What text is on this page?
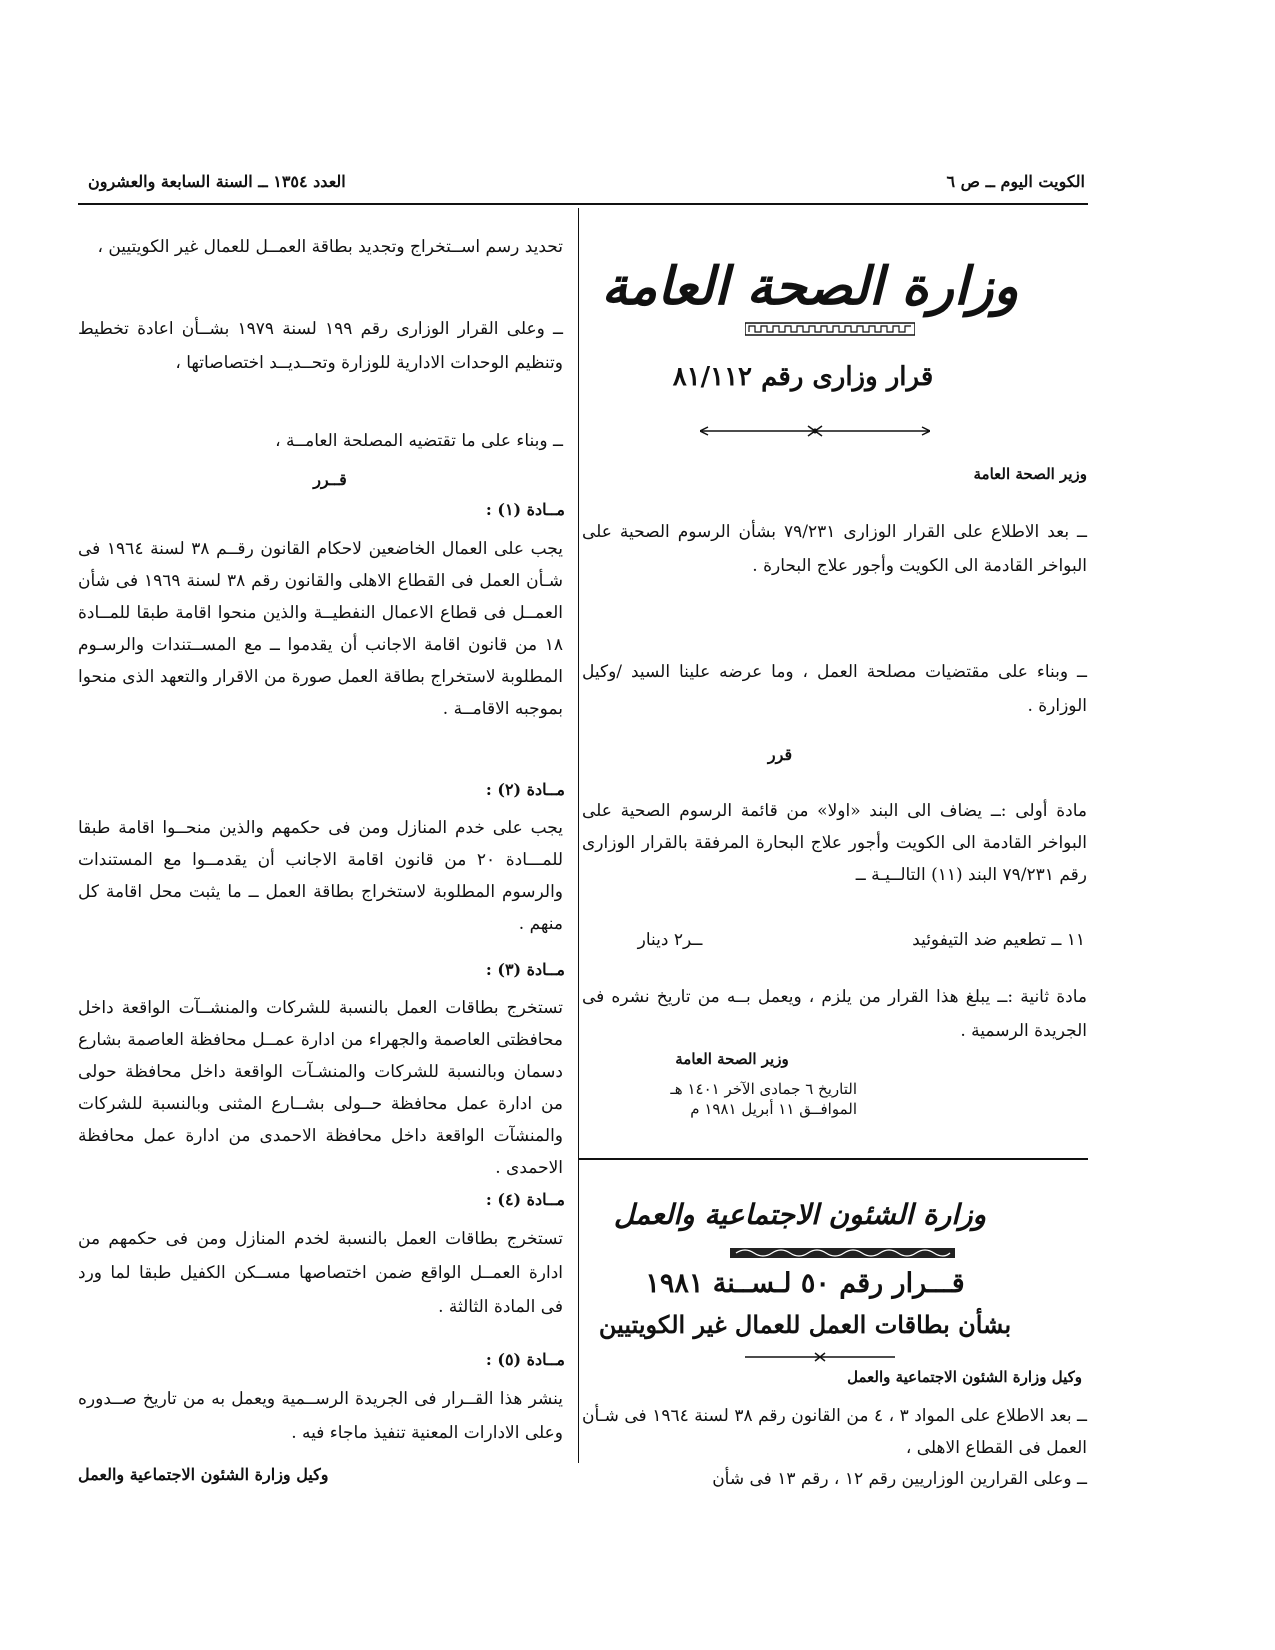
الكويت اليوم ــ ص ٦
العدد ١٣٥٤ ــ السنة السابعة والعشرون
وزارة الصحة العامة
قرار وزارى رقم ٨١/١١٢
وزير الصحة العامة
ــ بعد الاطلاع على القرار الوزارى ٧٩/٢٣١ بشأن الرسوم الصحية على البواخر القادمة الى الكويت وأجور علاج البحارة .
ــ وبناء على مقتضيات مصلحة العمل ، وما عرضه علينا السيد /وكيل الوزارة .
قرر
مادة أولى :ــ يضاف الى البند «اولا» من قائمة الرسوم الصحية على البواخر القادمة الى الكويت وأجور علاج البحارة المرفقة بالقرار الوزارى رقم ٧٩/٢٣١ البند (١١) التالــيـة ــ
١١ ــ تطعيم ضد التيفوئيد
ــر٢ دينار
مادة ثانية :ــ يبلغ هذا القرار من يلزم ، ويعمل بــه من تاريخ نشره فى الجريدة الرسمية .
وزير الصحة العامة
التاريخ ٦ جمادى الآخر ١٤٠١ هـ
الموافــق ١١ أبريل ١٩٨١ م
وزارة الشئون الاجتماعية والعمل
قـــرار رقم ٥٠ لـســنة ١٩٨١
بشأن بطاقات العمل للعمال غير الكويتيين
وكيل وزارة الشئون الاجتماعية والعمل
ــ بعد الاطلاع على المواد ٣ ، ٤ من القانون رقم ٣٨ لسنة ١٩٦٤ فى شـأن العمل فى القطاع الاهلى ،
ــ وعلى القرارين الوزاريين رقم ١٢ ، رقم ١٣ فى شأن
تحديد رسم اســتخراج وتجديد بطاقة العمــل للعمال غير الكويتيين ،
ــ وعلى القرار الوزارى رقم ١٩٩ لسنة ١٩٧٩ بشــأن اعادة تخطيط وتنظيم الوحدات الادارية للوزارة وتحــديــد اختصاصاتها ،
ــ وبناء على ما تقتضيه المصلحة العامــة ،
قــرر
مــادة (١) :
يجب على العمال الخاضعين لاحكام القانون رقــم ٣٨ لسنة ١٩٦٤ فى شـأن العمل فى القطاع الاهلى والقانون رقم ٣٨ لسنة ١٩٦٩ فى شأن العمــل فى قطاع الاعمال النفطيــة والذين منحوا اقامة طبقا للمــادة ١٨ من قانون اقامة الاجانب أن يقدموا ــ مع المســتندات والرسـوم المطلوبة لاستخراج بطاقة العمل صورة من الاقرار والتعهد الذى منحوا بموجبه الاقامــة .
مــادة (٢) :
يجب على خدم المنازل ومن فى حكمهم والذين منحــوا اقامة طبقا للمـــادة ٢٠ من قانون اقامة الاجانب أن يقدمــوا مع المستندات والرسوم المطلوبة لاستخراج بطاقة العمل ــ ما يثبت محل اقامة كل منهم .
مــادة (٣) :
تستخرج بطاقات العمل بالنسبة للشركات والمنشــآت الواقعة داخل محافظتى العاصمة والجهراء من ادارة عمــل محافظة العاصمة بشارع دسمان وبالنسبة للشركات والمنشـآت الواقعة داخل محافظة حولى من ادارة عمل محافظة حــولى بشــارع المثنى وبالنسبة للشركات والمنشآت الواقعة داخل محافظة الاحمدى من ادارة عمل محافظة الاحمدى .
مــادة (٤) :
تستخرج بطاقات العمل بالنسبة لخدم المنازل ومن فى حكمهم من ادارة العمــل الواقع ضمن اختصاصها مســكن الكفيل طبقا لما ورد فى المادة الثالثة .
مــادة (٥) :
ينشر هذا القــرار فى الجريدة الرســمية ويعمل به من تاريخ صــدوره وعلى الادارات المعنية تنفيذ ماجاء فيه .
وكيل وزارة الشئون الاجتماعية والعمل
